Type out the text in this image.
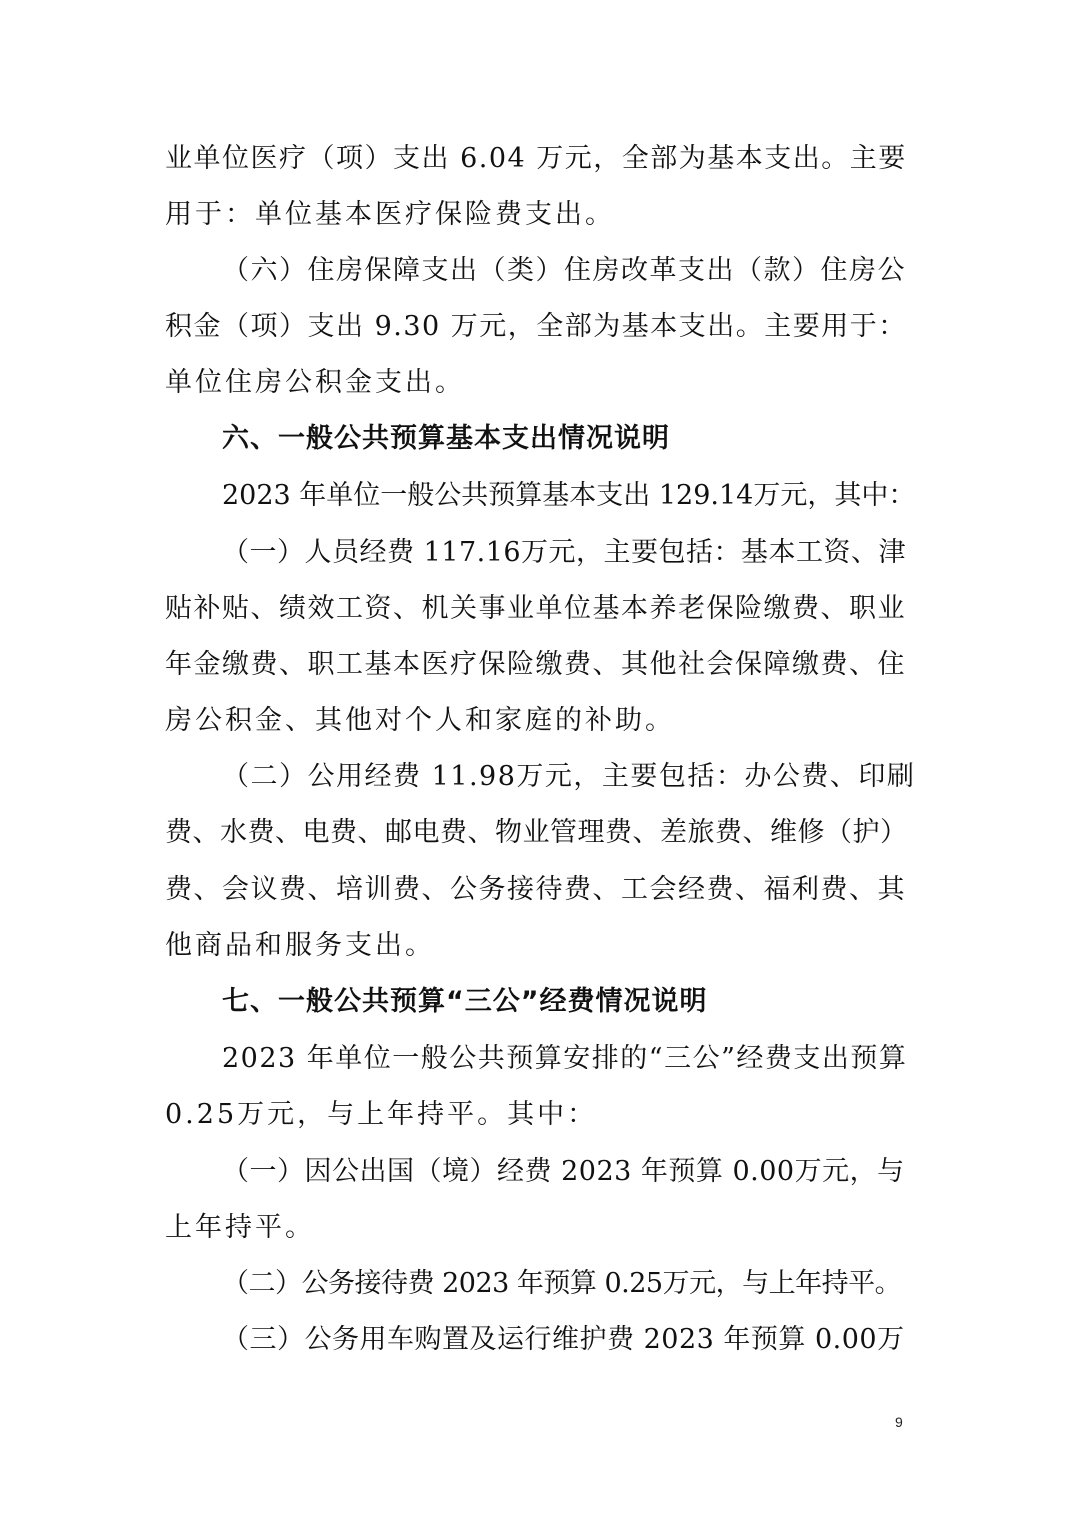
业单位医疗（项）支出 6.04 万元，全部为基本支出。主要
用于：单位基本医疗保险费支出。
（六）住房保障支出（类）住房改革支出（款）住房公
积金（项）支出 9.30 万元，全部为基本支出。主要用于：
单位住房公积金支出。
六、一般公共预算基本支出情况说明
2023 年单位一般公共预算基本支出 129.14万元，其中：
（一）人员经费 117.16万元，主要包括：基本工资、津
贴补贴、绩效工资、机关事业单位基本养老保险缴费、职业
年金缴费、职工基本医疗保险缴费、其他社会保障缴费、住
房公积金、其他对个人和家庭的补助。
（二）公用经费 11.98万元，主要包括：办公费、印刷
费、水费、电费、邮电费、物业管理费、差旅费、维修（护）
费、会议费、培训费、公务接待费、工会经费、福利费、其
他商品和服务支出。
七、一般公共预算“三公”经费情况说明
2023 年单位一般公共预算安排的“三公”经费支出预算
0.25万元，与上年持平。其中：
（一）因公出国（境）经费 2023 年预算 0.00万元，与
上年持平。
（二）公务接待费 2023 年预算 0.25万元，与上年持平。
（三）公务用车购置及运行维护费 2023 年预算 0.00万
9
